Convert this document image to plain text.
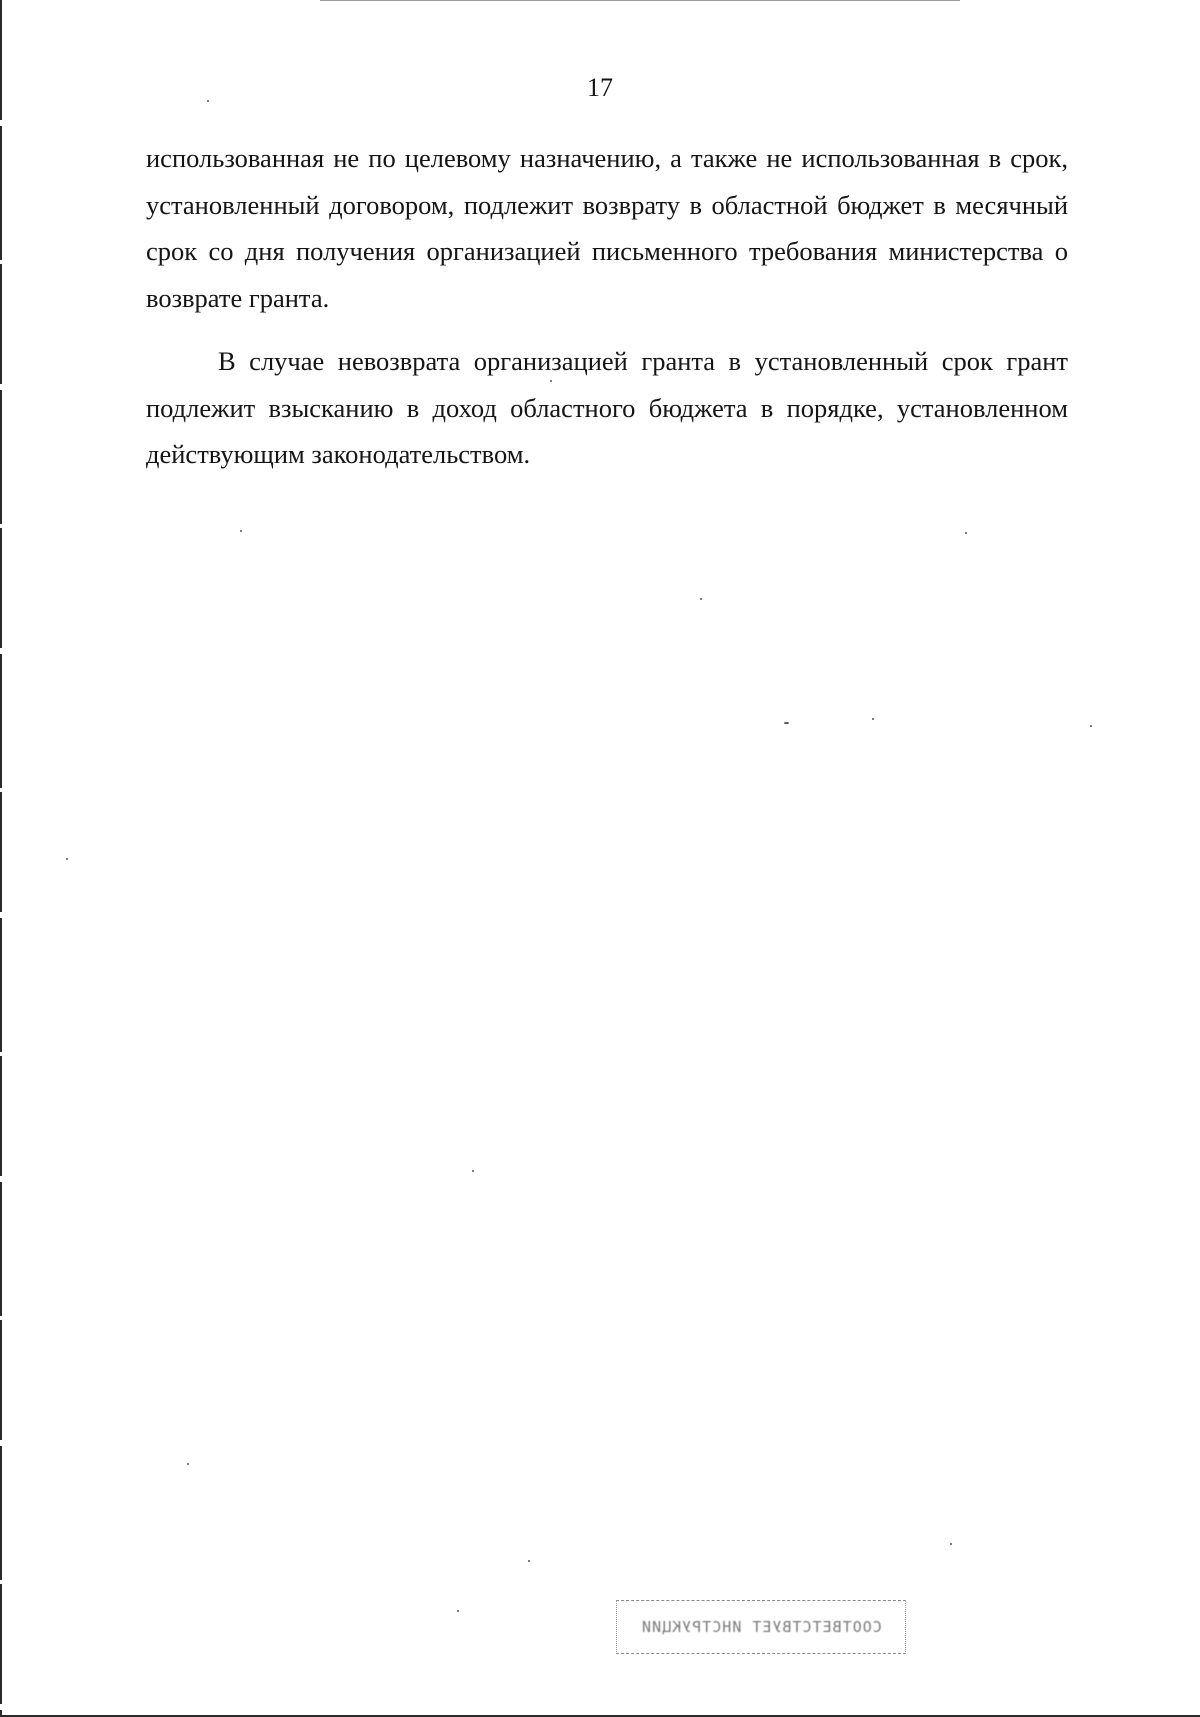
17

использованная не по целевому назначению, а также не использованная в срок, установленный договором, подлежит возврату в областной бюджет в месячный срок со дня получения организацией письменного требования министерства о возврате гранта.

В случае невозврата организацией гранта в установленный срок грант подлежит взысканию в доход областного бюджета в порядке, установленном действующим законодательством.

СООТВЕТСТВУЕТ ИНСТРУКЦИИ
